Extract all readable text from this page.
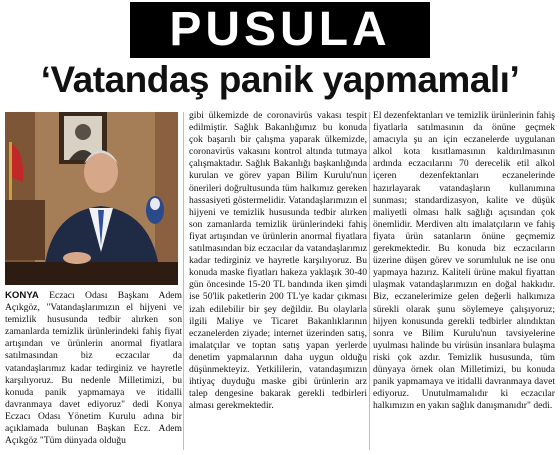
PUSULA
‘Vatandaş panik yapmamalı’

KONYA Eczacı Odası Başkanı Adem Açıkgöz, "Vatandaşlarımızın el hijyeni ve temizlik hususunda tedbir alırken son zamanlarda temizlik ürünlerindeki fahiş fiyat artışından ve ürünlerin anormal fiyatlara satılmasından biz eczacılar da vatandaşlarımız kadar tedirginiz ve hayretle karşılıyoruz. Bu nedenle Milletimizi, bu konuda panik yapmamaya ve itidalli davranmaya davet ediyoruz" dedi Konya Eczacı Odası Yönetim Kurulu adına bir açıklamada bulunan Başkan Ecz. Adem Açıkgöz "Tüm dünyada olduğu

gibi ülkemizde de coronavirüs vakası tespit edilmiştir. Sağlık Bakanlığımız bu konuda çok başarılı bir çalışma yaparak ülkemizde, coronavirüs vakasını kontrol altında tutmaya çalışmaktadır. Sağlık Bakanlığı başkanlığında kurulan ve görev yapan Bilim Kurulu'nun önerileri doğrultusunda tüm halkımız gereken hassasiyeti göstermelidir. Vatandaşlarımızın el hijyeni ve temizlik hususunda tedbir alırken son zamanlarda temizlik ürünlerindeki fahiş fiyat artışından ve ürünlerin anormal fiyatlara satılmasından biz eczacılar da vatandaşlarımız kadar tedirginiz ve hayretle karşılıyoruz. Bu konuda maske fiyatları hakeza yaklaşık 30-40 gün öncesinde 15-20 TL bandında iken şimdi ise 50'lik paketlerin 200 TL'ye kadar çıkması izah edilebilir bir şey değildir. Bu olaylarla ilgili Maliye ve Ticaret Bakanlıklarının eczanelerden ziyade; internet üzerinden satış, imalatçılar ve toptan satış yapan yerlerde denetim yapmalarının daha uygun olduğu düşünmekteyiz. Yetkililerin, vatandaşımızın ihtiyaç duyduğu maske gibi ürünlerin arz talep dengesine bakarak gerekli tedbirleri alması gerekmektedir.

El dezenfektanları ve temizlik ürünlerinin fahiş fiyatlarla satılmasının da önüne geçmek amacıyla şu an için eczanelerde uygulanan alkol kota kısıtlamasının kaldırılmasının ardında eczacılarını 70 derecelik etil alkol içeren dezenfektanları eczanelerinde hazırlayarak vatandaşların kullanımına sunması; standardizasyon, kalite ve düşük maliyetli olması halk sağlığı açısından çok önemlidir. Merdiven altı imalatçıların ve fahiş fiyata ürün satanların önüne geçmemiz gerekmektedir. Bu konuda biz eczacıların üzerine düşen görev ve sorumluluk ne ise onu yapmaya hazırız. Kaliteli ürüne makul fiyattan ulaşmak vatandaşlarımızın en doğal hakkıdır. Biz, eczanelerimize gelen değerli halkımıza sürekli olarak şunu söylemeye çalışıyoruz; hijyen konusunda gerekli tedbirler alındıktan sonra ve Bilim Kurulu'nun tavsiyelerine uyulması halinde bu virüsün insanlara bulaşma riski çok azdır. Temizlik hususunda, tüm dünyaya örnek olan Milletimizi, bu konuda panik yapmamaya ve itidalli davranmaya davet ediyoruz. Unutulmamalıdır ki eczacılar halkımızın en yakın sağlık danışmanıdır" dedi.
